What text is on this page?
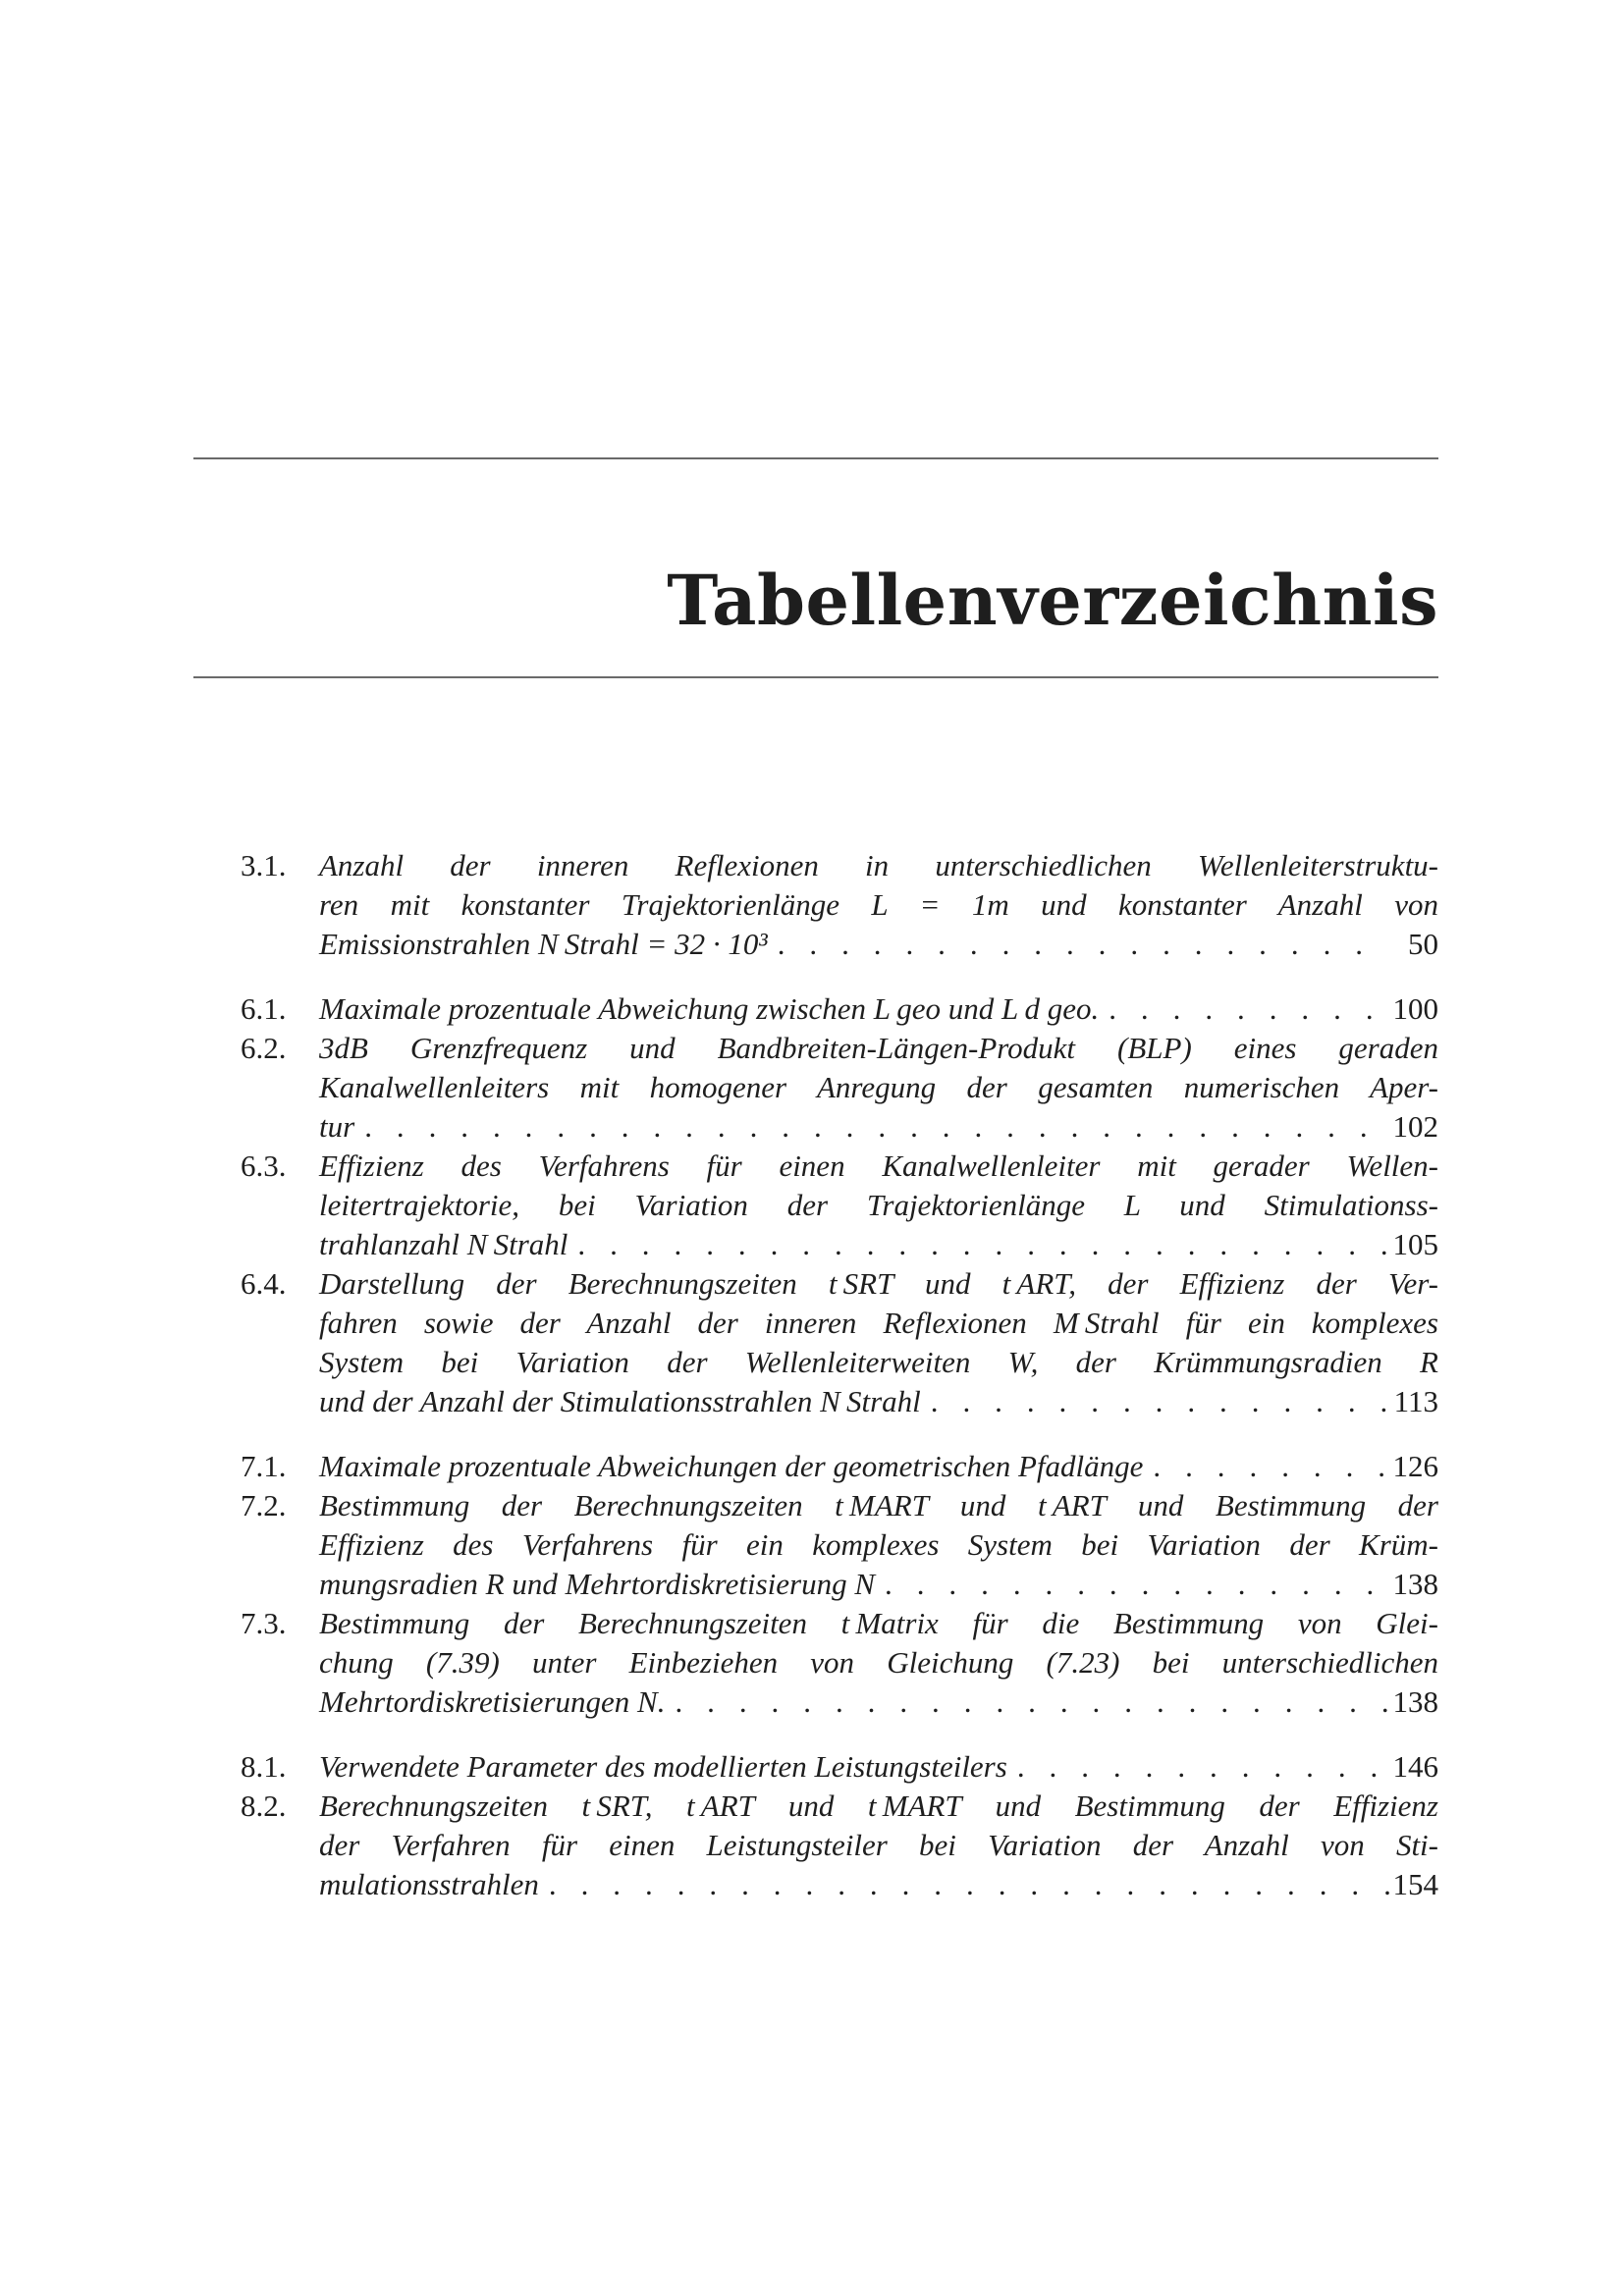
Tabellenverzeichnis
3.1. Anzahl der inneren Reflexionen in unterschiedlichen Wellenleiterstruktu-
ren mit konstanter Trajektorienlänge L = 1m und konstanter Anzahl von
Emissionstrahlen N Strahl = 32 · 10³ . . .	50
6.1. Maximale prozentuale Abweichung zwischen L geo und L d geo. . . .	100
6.2. 3dB Grenzfrequenz und Bandbreiten-Längen-Produkt (BLP) eines geraden
Kanalwellenleiters mit homogener Anregung der gesamten numerischen Aper-
tur . . .	102
6.3. Effizienz des Verfahrens für einen Kanalwellenleiter mit gerader Wellen-
leitertrajektorie, bei Variation der Trajektorienlänge L und Stimulationss-
trahlanzahl N Strahl . . .	105
6.4. Darstellung der Berechnungszeiten t SRT und t ART, der Effizienz der Ver-
fahren sowie der Anzahl der inneren Reflexionen M Strahl für ein komplexes
System bei Variation der Wellenleiterweiten W, der Krümmungsradien R
und der Anzahl der Stimulationsstrahlen N Strahl . . .	113
7.1. Maximale prozentuale Abweichungen der geometrischen Pfadlänge . . .	126
7.2. Bestimmung der Berechnungszeiten t MART und t ART und Bestimmung der
Effizienz des Verfahrens für ein komplexes System bei Variation der Krüm-
mungsradien R und Mehrtordiskretisierung N . . .	138
7.3. Bestimmung der Berechnungszeiten t Matrix für die Bestimmung von Glei-
chung (7.39) unter Einbeziehen von Gleichung (7.23) bei unterschiedlichen
Mehrtordiskretisierungen N. . . .	138
8.1. Verwendete Parameter des modellierten Leistungsteilers . . .	146
8.2. Berechnungszeiten t SRT, t ART und t MART und Bestimmung der Effizienz
der Verfahren für einen Leistungsteiler bei Variation der Anzahl von Sti-
mulationsstrahlen . . .	154
